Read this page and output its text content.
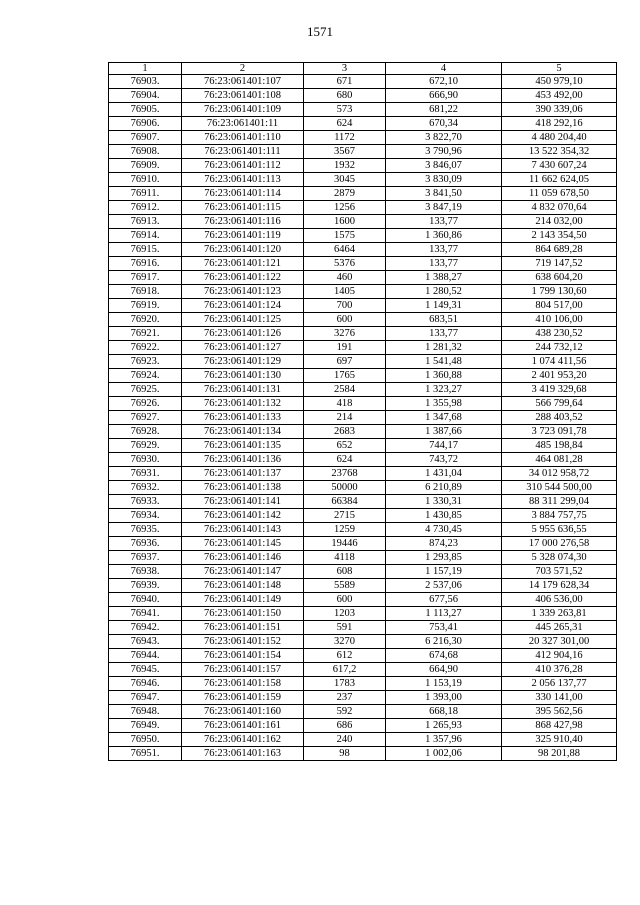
1571
1	2	3	4	5
76903.	76:23:061401:107	671	672,10	450 979,10
76904.	76:23:061401:108	680	666,90	453 492,00
76905.	76:23:061401:109	573	681,22	390 339,06
76906.	76:23:061401:11	624	670,34	418 292,16
76907.	76:23:061401:110	1172	3 822,70	4 480 204,40
76908.	76:23:061401:111	3567	3 790,96	13 522 354,32
76909.	76:23:061401:112	1932	3 846,07	7 430 607,24
76910.	76:23:061401:113	3045	3 830,09	11 662 624,05
76911.	76:23:061401:114	2879	3 841,50	11 059 678,50
76912.	76:23:061401:115	1256	3 847,19	4 832 070,64
76913.	76:23:061401:116	1600	133,77	214 032,00
76914.	76:23:061401:119	1575	1 360,86	2 143 354,50
76915.	76:23:061401:120	6464	133,77	864 689,28
76916.	76:23:061401:121	5376	133,77	719 147,52
76917.	76:23:061401:122	460	1 388,27	638 604,20
76918.	76:23:061401:123	1405	1 280,52	1 799 130,60
76919.	76:23:061401:124	700	1 149,31	804 517,00
76920.	76:23:061401:125	600	683,51	410 106,00
76921.	76:23:061401:126	3276	133,77	438 230,52
76922.	76:23:061401:127	191	1 281,32	244 732,12
76923.	76:23:061401:129	697	1 541,48	1 074 411,56
76924.	76:23:061401:130	1765	1 360,88	2 401 953,20
76925.	76:23:061401:131	2584	1 323,27	3 419 329,68
76926.	76:23:061401:132	418	1 355,98	566 799,64
76927.	76:23:061401:133	214	1 347,68	288 403,52
76928.	76:23:061401:134	2683	1 387,66	3 723 091,78
76929.	76:23:061401:135	652	744,17	485 198,84
76930.	76:23:061401:136	624	743,72	464 081,28
76931.	76:23:061401:137	23768	1 431,04	34 012 958,72
76932.	76:23:061401:138	50000	6 210,89	310 544 500,00
76933.	76:23:061401:141	66384	1 330,31	88 311 299,04
76934.	76:23:061401:142	2715	1 430,85	3 884 757,75
76935.	76:23:061401:143	1259	4 730,45	5 955 636,55
76936.	76:23:061401:145	19446	874,23	17 000 276,58
76937.	76:23:061401:146	4118	1 293,85	5 328 074,30
76938.	76:23:061401:147	608	1 157,19	703 571,52
76939.	76:23:061401:148	5589	2 537,06	14 179 628,34
76940.	76:23:061401:149	600	677,56	406 536,00
76941.	76:23:061401:150	1203	1 113,27	1 339 263,81
76942.	76:23:061401:151	591	753,41	445 265,31
76943.	76:23:061401:152	3270	6 216,30	20 327 301,00
76944.	76:23:061401:154	612	674,68	412 904,16
76945.	76:23:061401:157	617,2	664,90	410 376,28
76946.	76:23:061401:158	1783	1 153,19	2 056 137,77
76947.	76:23:061401:159	237	1 393,00	330 141,00
76948.	76:23:061401:160	592	668,18	395 562,56
76949.	76:23:061401:161	686	1 265,93	868 427,98
76950.	76:23:061401:162	240	1 357,96	325 910,40
76951.	76:23:061401:163	98	1 002,06	98 201,88
